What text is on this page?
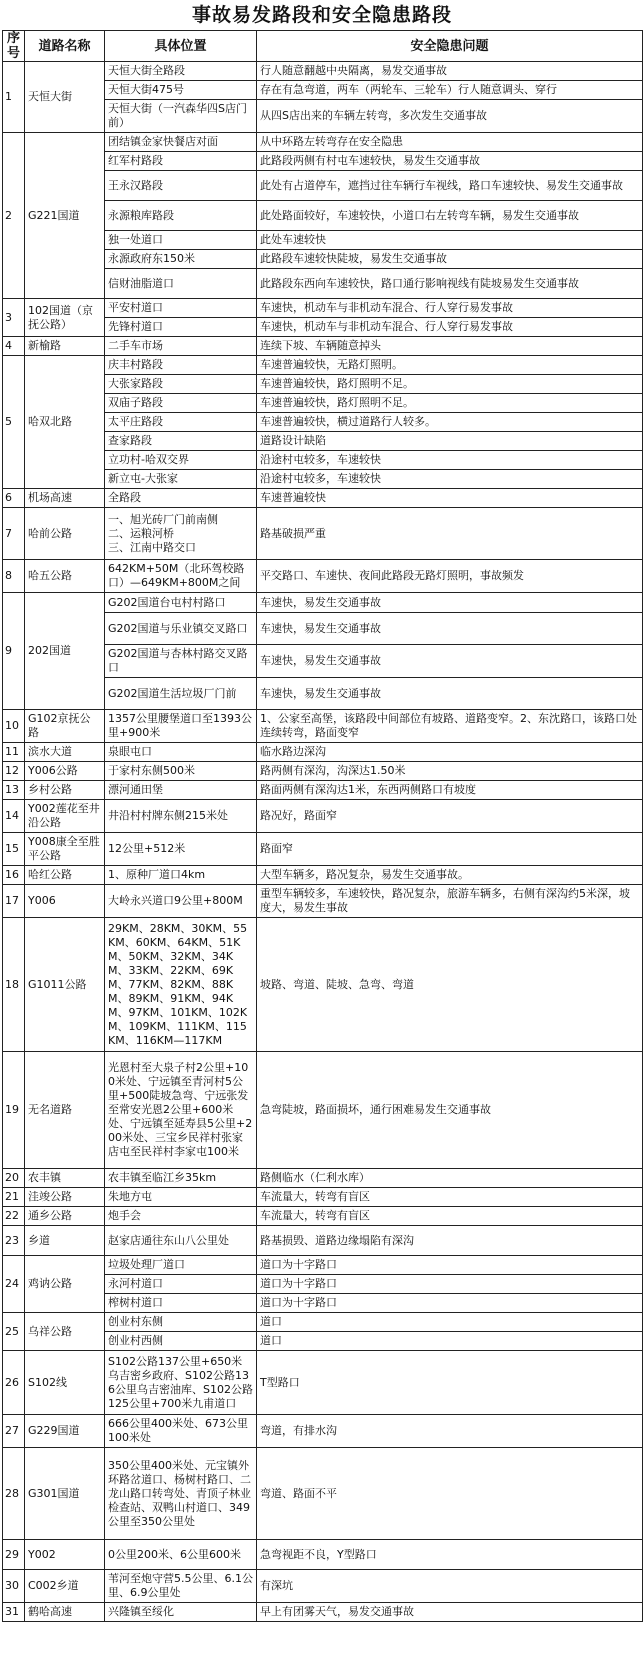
事故易发路段和安全隐患路段
序号	道路名称	具体位置	安全隐患问题
1	天恒大街	天恒大街全路段	行人随意翻越中央隔离，易发交通事故
		天恒大街475号	存在有急弯道，两车（两轮车、三轮车）行人随意调头、穿行
		天恒大街（一汽森华四S店门前）	从四S店出来的车辆左转弯，多次发生交通事故
2	G221国道	团结镇金家快餐店对面	从中环路左转弯存在安全隐患
		红军村路段	此路段两侧有村屯车速较快，易发生交通事故
		王永汉路段	此处有占道停车，遮挡过往车辆行车视线，路口车速较快、易发生交通事故
		永源粮库路段	此处路面较好，车速较快，小道口右左转弯车辆，易发生交通事故
		独一处道口	此处车速较快
		永源政府东150米	此路段车速较快陡坡，易发生交通事故
		信财油脂道口	此路段东西向车速较快，路口通行影响视线有陡坡易发生交通事故
3	102国道（京抚公路）	平安村道口	车速快，机动车与非机动车混合、行人穿行易发事故
		先锋村道口	车速快，机动车与非机动车混合、行人穿行易发事故
4	新榆路	二手车市场	连续下坡、车辆随意掉头
5	哈双北路	庆丰村路段	车速普遍较快，无路灯照明。
		大张家路段	车速普遍较快，路灯照明不足。
		双庙子路段	车速普遍较快，路灯照明不足。
		太平庄路段	车速普遍较快，横过道路行人较多。
		查家路段	道路设计缺陷
		立功村-哈双交界	沿途村屯较多，车速较快
		新立屯-大张家	沿途村屯较多，车速较快
6	机场高速	全路段	车速普遍较快
7	哈前公路	一、旭光砖厂门前南侧
二、运粮河桥
三、江南中路交口	路基破损严重
8	哈五公路	642KM+50M（北环驾校路口）—649KM+800M之间	平交路口、车速快、夜间此路段无路灯照明，事故频发
9	202国道	G202国道台屯村村路口	车速快，易发生交通事故
		G202国道与乐业镇交叉路口	车速快，易发生交通事故
		G202国道与杏林村路交叉路口	车速快，易发生交通事故
		G202国道生活垃圾厂门前	车速快，易发生交通事故
10	G102京抚公路	1357公里腰堡道口至1393公里+900米	1、公家至高堡，该路段中间部位有坡路、道路变窄。2、东沈路口，该路口处连续转弯，路面变窄
11	滨水大道	泉眼屯口	临水路边深沟
12	Y006公路	于家村东侧500米	路两侧有深沟，沟深达1.50米
13	乡村公路	漂河通田堡	路面两侧有深沟达1米，东西两侧路口有坡度
14	Y002莲花至井沿公路	井沿村村牌东侧215米处	路况好，路面窄
15	Y008康全至胜平公路	12公里+512米	路面窄
16	哈红公路	1、原种厂道口4km	大型车辆多，路况复杂，易发生交通事故。
17	Y006	大岭永兴道口9公里+800M	重型车辆较多，车速较快，路况复杂，旅游车辆多，右侧有深沟约5米深，坡度大，易发生事故
18	G1011公路	29KM、28KM、30KM、55KM、60KM、64KM、51KM、50KM、32KM、34KM、33KM、22KM、69KM、77KM、82KM、88KM、89KM、91KM、94KM、97KM、101KM、102KM、109KM、111KM、115KM、116KM—117KM	坡路、弯道、陡坡、急弯、弯道
19	无名道路	光恩村至大泉子村2公里+100米处、宁远镇至青河村5公里+500陡坡急弯、宁远张发至常安光恩2公里+600米处、宁远镇至延寿县5公里+200米处、三宝乡民祥村张家店屯至民祥村李家屯100米	急弯陡坡，路面损坏，通行困难易发生交通事故
20	农丰镇	农丰镇至临江乡35km	路侧临水（仁利水库）
21	洼竣公路	朱地方屯	车流量大，转弯有盲区
22	通乡公路	炮手会	车流量大，转弯有盲区
23	乡道	赵家店通往东山八公里处	路基损毁、道路边缘塌陷有深沟
24	鸡讷公路	垃圾处理厂道口	道口为十字路口
		永河村道口	道口为十字路口
		榨树村道口	道口为十字路口
25	乌祥公路	创业村东侧	道口
		创业村西侧	道口
26	S102线	S102公路137公里+650米乌吉密乡政府、S102公路136公里乌吉密油库、S102公路125公里+700米九甫道口	T型路口
27	G229国道	666公里400米处、673公里100米处	弯道，有排水沟
28	G301国道	350公里400米处、元宝镇外环路岔道口、杨树村路口、二龙山路口转弯处、青顶子林业检查站、双鸭山村道口、349公里至350公里处	弯道、路面不平
29	Y002	0公里200米、6公里600米	急弯视距不良，Y型路口
30	C002乡道	苇河至炮守营5.5公里、6.1公里、6.9公里处	有深坑
31	鹤哈高速	兴隆镇至绥化	早上有团雾天气，易发交通事故
